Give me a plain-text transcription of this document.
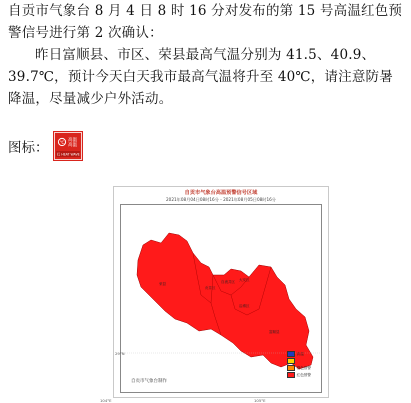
自贡市气象台 8 月 4 日 8 时 16 分对发布的第 15 号高温红色预警信号进行第 2 次确认：
昨日富顺县、市区、荣县最高气温分别为 41.5、40.9、39.7℃，预计今天白天我市最高气温将升至 40℃，请注意防暑降温，尽量减少户外活动。
图标： ℃
高温
高温
红 HEAT WAVE
自贡市气象台高温预警信号区域
2021年08月04日08时16分 - 2021年08月05日08时16分
荣县
贡井区
自流井区 大安区
沿滩区
富顺县
29°N
自贡市气象台制作
高温
橙色预警
红色预警
104°E	105°E
